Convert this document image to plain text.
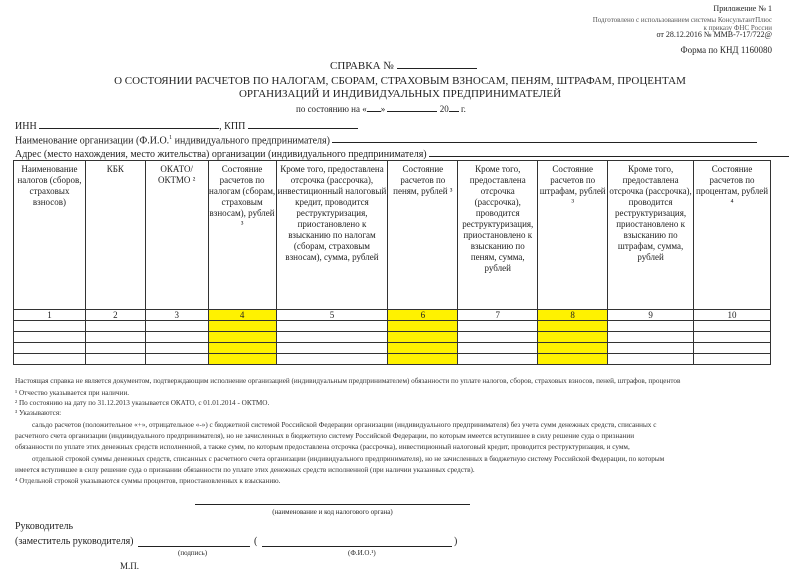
Приложение № 1
Подготовлено с использованием системы КонсультантПлюс
к приказу ФНС России
от 28.12.2016 № ММВ-7-17/722@
Форма по КНД 1160080
СПРАВКА №
О СОСТОЯНИИ РАСЧЕТОВ ПО НАЛОГАМ, СБОРАМ, СТРАХОВЫМ ВЗНОСАМ, ПЕНЯМ, ШТРАФАМ, ПРОЦЕНТАМ
ОРГАНИЗАЦИЙ И ИНДИВИДУАЛЬНЫХ ПРЕДПРИНИМАТЕЛЕЙ
по состоянию на « »	20 г.
ИНН	, КПП
Наименование организации (Ф.И.О.$^1$ индивидуального предпринимателя)
Адрес (место нахождения, место жительства) организации (индивидуального предпринимателя)
Наименование налогов (сборов, страховых взносов)	КБК	ОКАТО/ ОКТМО ²	Состояние расчетов по налогам (сборам, страховым взносам), рублей ³	Кроме того, предоставлена отсрочка (рассрочка), инвестиционный налоговый кредит, проводится реструктуризация, приостановлено к взысканию по налогам (сборам, страховым взносам), сумма, рублей	Состояние расчетов по пеням, рублей ³	Кроме того, предоставлена отсрочка (рассрочка), проводится реструктуризация, приостановлено к взысканию по пеням, сумма, рублей	Состояние расчетов по штрафам, рублей ³	Кроме того, предоставлена отсрочка (рассрочка), проводится реструктуризация, приостановлено к взысканию по штрафам, сумма, рублей	Состояние расчетов по процентам, рублей ⁴
1	2	3	4	5	6	7	8	9	10

Настоящая справка не является документом, подтверждающим исполнение организацией (индивидуальным предпринимателем) обязанности по уплате налогов, сборов, страховых взносов, пеней, штрафов, процентов
¹ Отчество указывается при наличии.
² По состоянию на дату по 31.12.2013 указывается ОКАТО, с 01.01.2014 - ОКТМО.
³ Указываются:
сальдо расчетов (положительное «+», отрицательное «-») с бюджетной системой Российской Федерации организации (индивидуального предпринимателя) без учета сумм денежных средств, списанных с
расчетного счета организации (индивидуального предпринимателя), но не зачисленных в бюджетную систему Российской Федерации, по которым имеется вступившее в силу решение суда о признании
обязанности по уплате этих денежных средств исполненной, а также сумм, по которым предоставлена отсрочка (рассрочка), инвестиционный налоговый кредит, проводится реструктуризация, и сумм,
отдельной строкой суммы денежных средств, списанных с расчетного счета организации (индивидуального предпринимателя), но не зачисленных в бюджетную систему Российской Федерации, по которым
имеется вступившее в силу решение суда о признании обязанности по уплате этих денежных средств исполненной (при наличии указанных средств).
⁴ Отдельной строкой указываются суммы процентов, приостановленных к взысканию.
(наименование и код налогового органа)
Руководитель
(заместитель руководителя)	(	)
(подпись)	(Ф.И.О.¹)
М.П.
